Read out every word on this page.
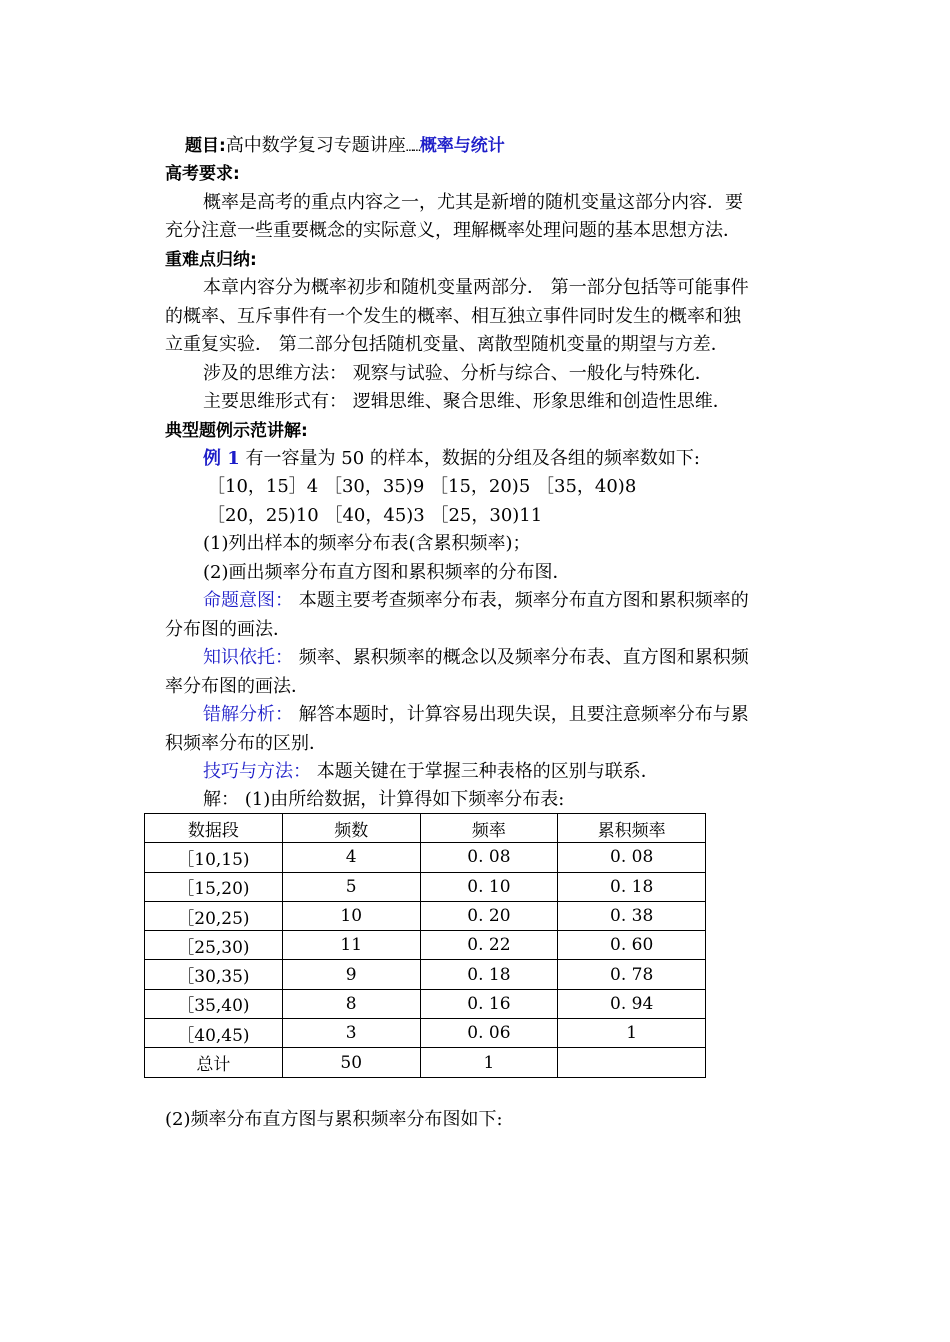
题目:高中数学复习专题讲座……概率与统计
高考要求:
概率是高考的重点内容之一，尤其是新增的随机变量这部分内容．要
充分注意一些重要概念的实际意义，理解概率处理问题的基本思想方法．
重难点归纳:
本章内容分为概率初步和随机变量两部分． 第一部分包括等可能事件
的概率、互斥事件有一个发生的概率、相互独立事件同时发生的概率和独
立重复实验． 第二部分包括随机变量、离散型随机变量的期望与方差．
涉及的思维方法： 观察与试验、分析与综合、一般化与特殊化．
主要思维形式有： 逻辑思维、聚合思维、形象思维和创造性思维．
典型题例示范讲解:
例 1 有一容量为 50 的样本，数据的分组及各组的频率数如下:
［10，15］4 ［30，35)9 ［15，20)5 ［35，40)8
［20，25)10 ［40，45)3 ［25，30)11
(1)列出样本的频率分布表(含累积频率)；
(2)画出频率分布直方图和累积频率的分布图．
命题意图： 本题主要考查频率分布表，频率分布直方图和累积频率的
分布图的画法．
知识依托： 频率、累积频率的概念以及频率分布表、直方图和累积频
率分布图的画法．
错解分析： 解答本题时，计算容易出现失误，且要注意频率分布与累
积频率分布的区别．
技巧与方法： 本题关键在于掌握三种表格的区别与联系．
解： (1)由所给数据，计算得如下频率分布表:
数据段	频数	频率	累积频率
［10,15)	4	0. 08	0. 08
［15,20)	5	0. 10	0. 18
［20,25)	10	0. 20	0. 38
［25,30)	11	0. 22	0. 60
［30,35)	9	0. 18	0. 78
［35,40)	8	0. 16	0. 94
［40,45)	3	0. 06	1
总计	50	1	
(2)频率分布直方图与累积频率分布图如下:
